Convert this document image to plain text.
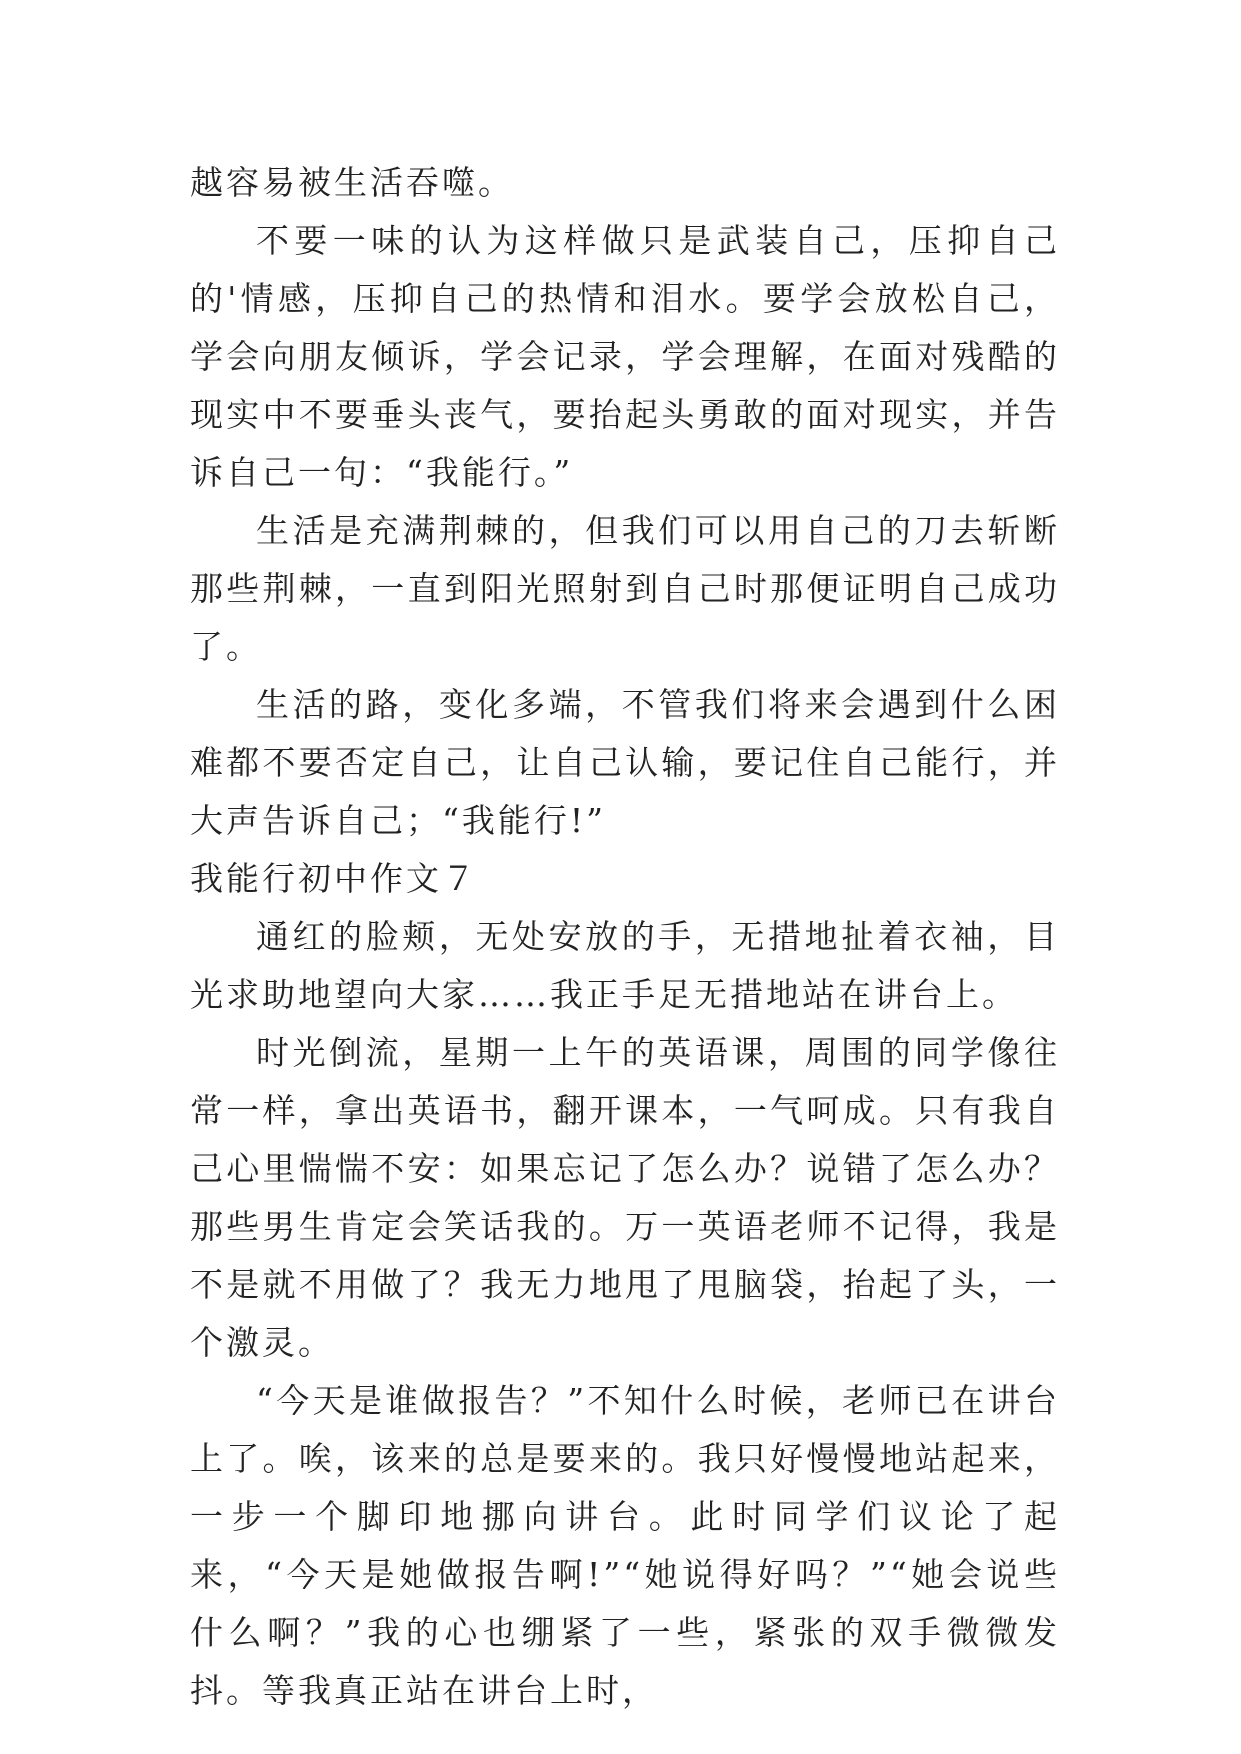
越容易被生活吞噬。

不要一味的认为这样做只是武装自己，压抑自己的'情感，压抑自己的热情和泪水。要学会放松自己，学会向朋友倾诉，学会记录，学会理解，在面对残酷的现实中不要垂头丧气，要抬起头勇敢的面对现实，并告诉自己一句：“我能行。”

生活是充满荆棘的，但我们可以用自己的刀去斩断那些荆棘，一直到阳光照射到自己时那便证明自己成功了。

生活的路，变化多端，不管我们将来会遇到什么困难都不要否定自己，让自己认输，要记住自己能行，并大声告诉自己；“我能行!”

我能行初中作文７

通红的脸颊，无处安放的手，无措地扯着衣袖，目光求助地望向大家……我正手足无措地站在讲台上。

时光倒流，星期一上午的英语课，周围的同学像往常一样，拿出英语书，翻开课本，一气呵成。只有我自己心里惴惴不安：如果忘记了怎么办？说错了怎么办？那些男生肯定会笑话我的。万一英语老师不记得，我是不是就不用做了？我无力地甩了甩脑袋，抬起了头，一个激灵。

“今天是谁做报告？”不知什么时候，老师已在讲台上了。唉，该来的总是要来的。我只好慢慢地站起来，一步一个脚印地挪向讲台。此时同学们议论了起来，“今天是她做报告啊!”“她说得好吗？”“她会说些什么啊？”我的心也绷紧了一些，紧张的双手微微发抖。等我真正站在讲台上时，
